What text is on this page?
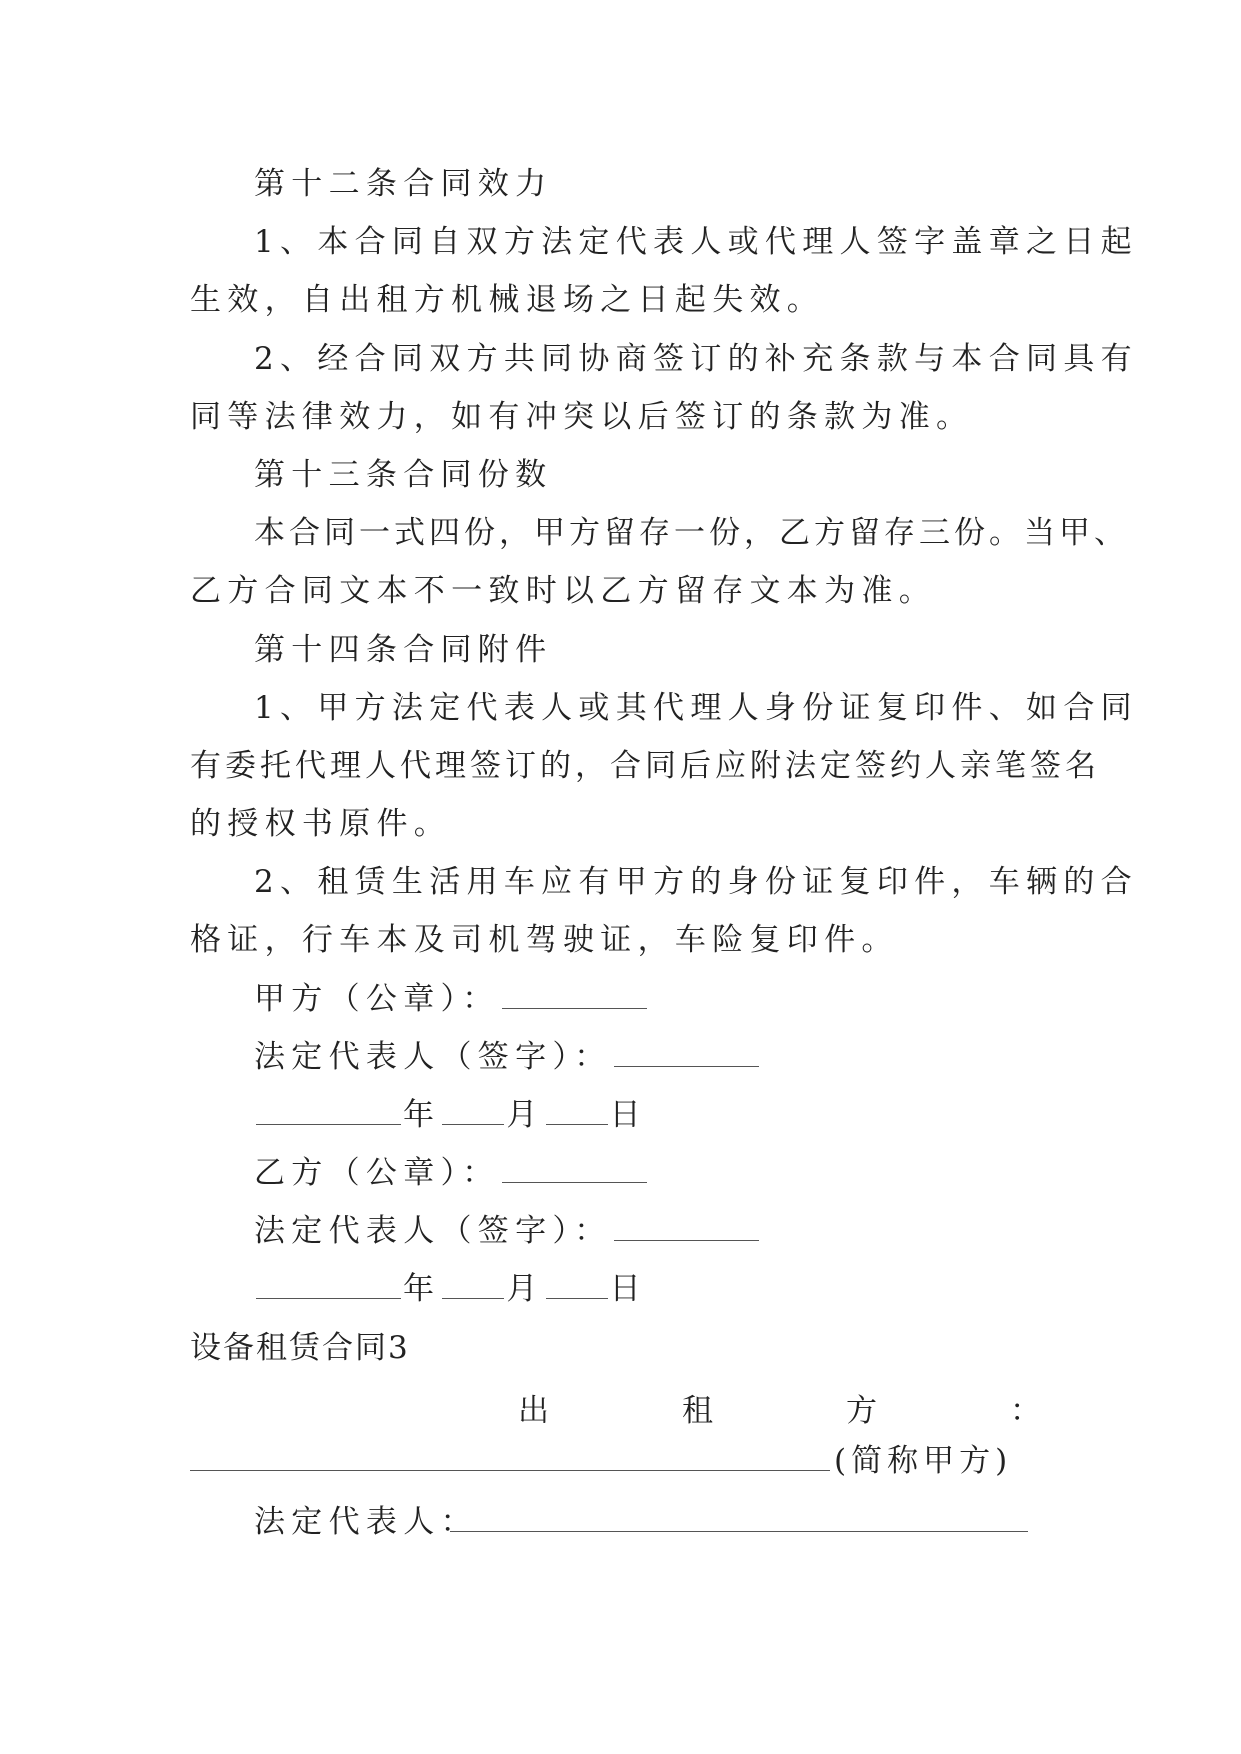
第十二条合同效力
1、本合同自双方法定代表人或代理人签字盖章之日起
生效，自出租方机械退场之日起失效。
2、经合同双方共同协商签订的补充条款与本合同具有
同等法律效力，如有冲突以后签订的条款为准。
第十三条合同份数
本合同一式四份，甲方留存一份，乙方留存三份。当甲、
乙方合同文本不一致时以乙方留存文本为准。
第十四条合同附件
1、甲方法定代表人或其代理人身份证复印件、如合同
有委托代理人代理签订的，合同后应附法定签约人亲笔签名
的授权书原件。
2、租赁生活用车应有甲方的身份证复印件，车辆的合
格证，行车本及司机驾驶证，车险复印件。
甲方（公章）：
法定代表人（签字）：
年 月 日
乙方（公章）：
法定代表人（签字）：
年 月 日
设备租赁合同3
出	租	方	：
(简称甲方)
法定代表人：
